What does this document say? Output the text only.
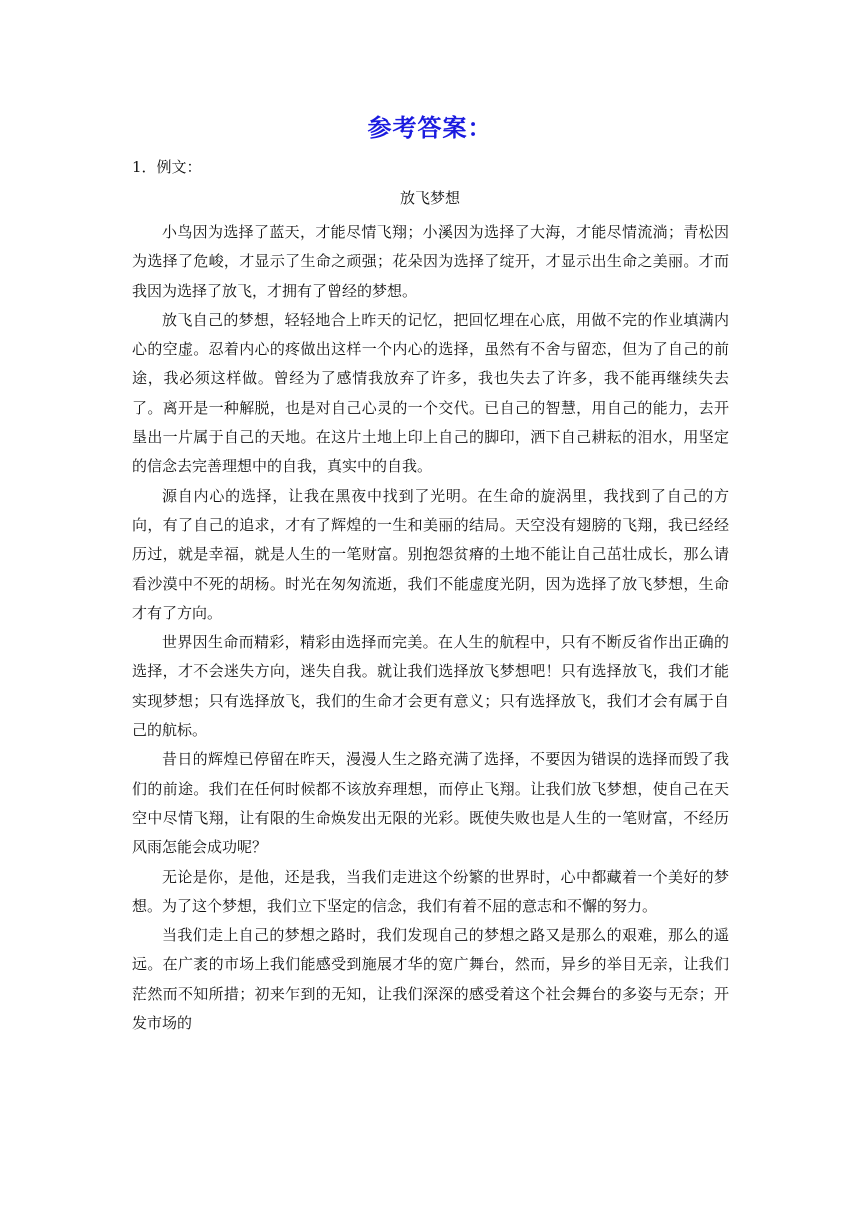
参考答案：
1．例文：
放飞梦想

小鸟因为选择了蓝天，才能尽情飞翔；小溪因为选择了大海，才能尽情流淌；青松因为选择了危峻，才显示了生命之顽强；花朵因为选择了绽开，才显示出生命之美丽。才而我因为选择了放飞，才拥有了曾经的梦想。

放飞自己的梦想，轻轻地合上昨天的记忆，把回忆埋在心底，用做不完的作业填满内心的空虚。忍着内心的疼做出这样一个内心的选择，虽然有不舍与留恋，但为了自己的前途，我必须这样做。曾经为了感情我放弃了许多，我也失去了许多，我不能再继续失去了。离开是一种解脱，也是对自己心灵的一个交代。已自己的智慧，用自己的能力，去开垦出一片属于自己的天地。在这片土地上印上自己的脚印，洒下自己耕耘的泪水，用坚定的信念去完善理想中的自我，真实中的自我。

源自内心的选择，让我在黑夜中找到了光明。在生命的旋涡里，我找到了自己的方向，有了自己的追求，才有了辉煌的一生和美丽的结局。天空没有翅膀的飞翔，我已经经历过，就是幸福，就是人生的一笔财富。别抱怨贫瘠的土地不能让自己茁壮成长，那么请看沙漠中不死的胡杨。时光在匆匆流逝，我们不能虚度光阴，因为选择了放飞梦想，生命才有了方向。

世界因生命而精彩，精彩由选择而完美。在人生的航程中，只有不断反省作出正确的选择，才不会迷失方向，迷失自我。就让我们选择放飞梦想吧！只有选择放飞，我们才能实现梦想；只有选择放飞，我们的生命才会更有意义；只有选择放飞，我们才会有属于自己的航标。

昔日的辉煌已停留在昨天，漫漫人生之路充满了选择，不要因为错误的选择而毁了我们的前途。我们在任何时候都不该放弃理想，而停止飞翔。让我们放飞梦想，使自己在天空中尽情飞翔，让有限的生命焕发出无限的光彩。既使失败也是人生的一笔财富，不经历风雨怎能会成功呢？

无论是你，是他，还是我，当我们走进这个纷繁的世界时，心中都藏着一个美好的梦想。为了这个梦想，我们立下坚定的信念，我们有着不屈的意志和不懈的努力。

当我们走上自己的梦想之路时，我们发现自己的梦想之路又是那么的艰难，那么的遥远。在广袤的市场上我们能感受到施展才华的宽广舞台，然而，异乡的举目无亲，让我们茫然而不知所措；初来乍到的无知，让我们深深的感受着这个社会舞台的多姿与无奈；开发市场的
